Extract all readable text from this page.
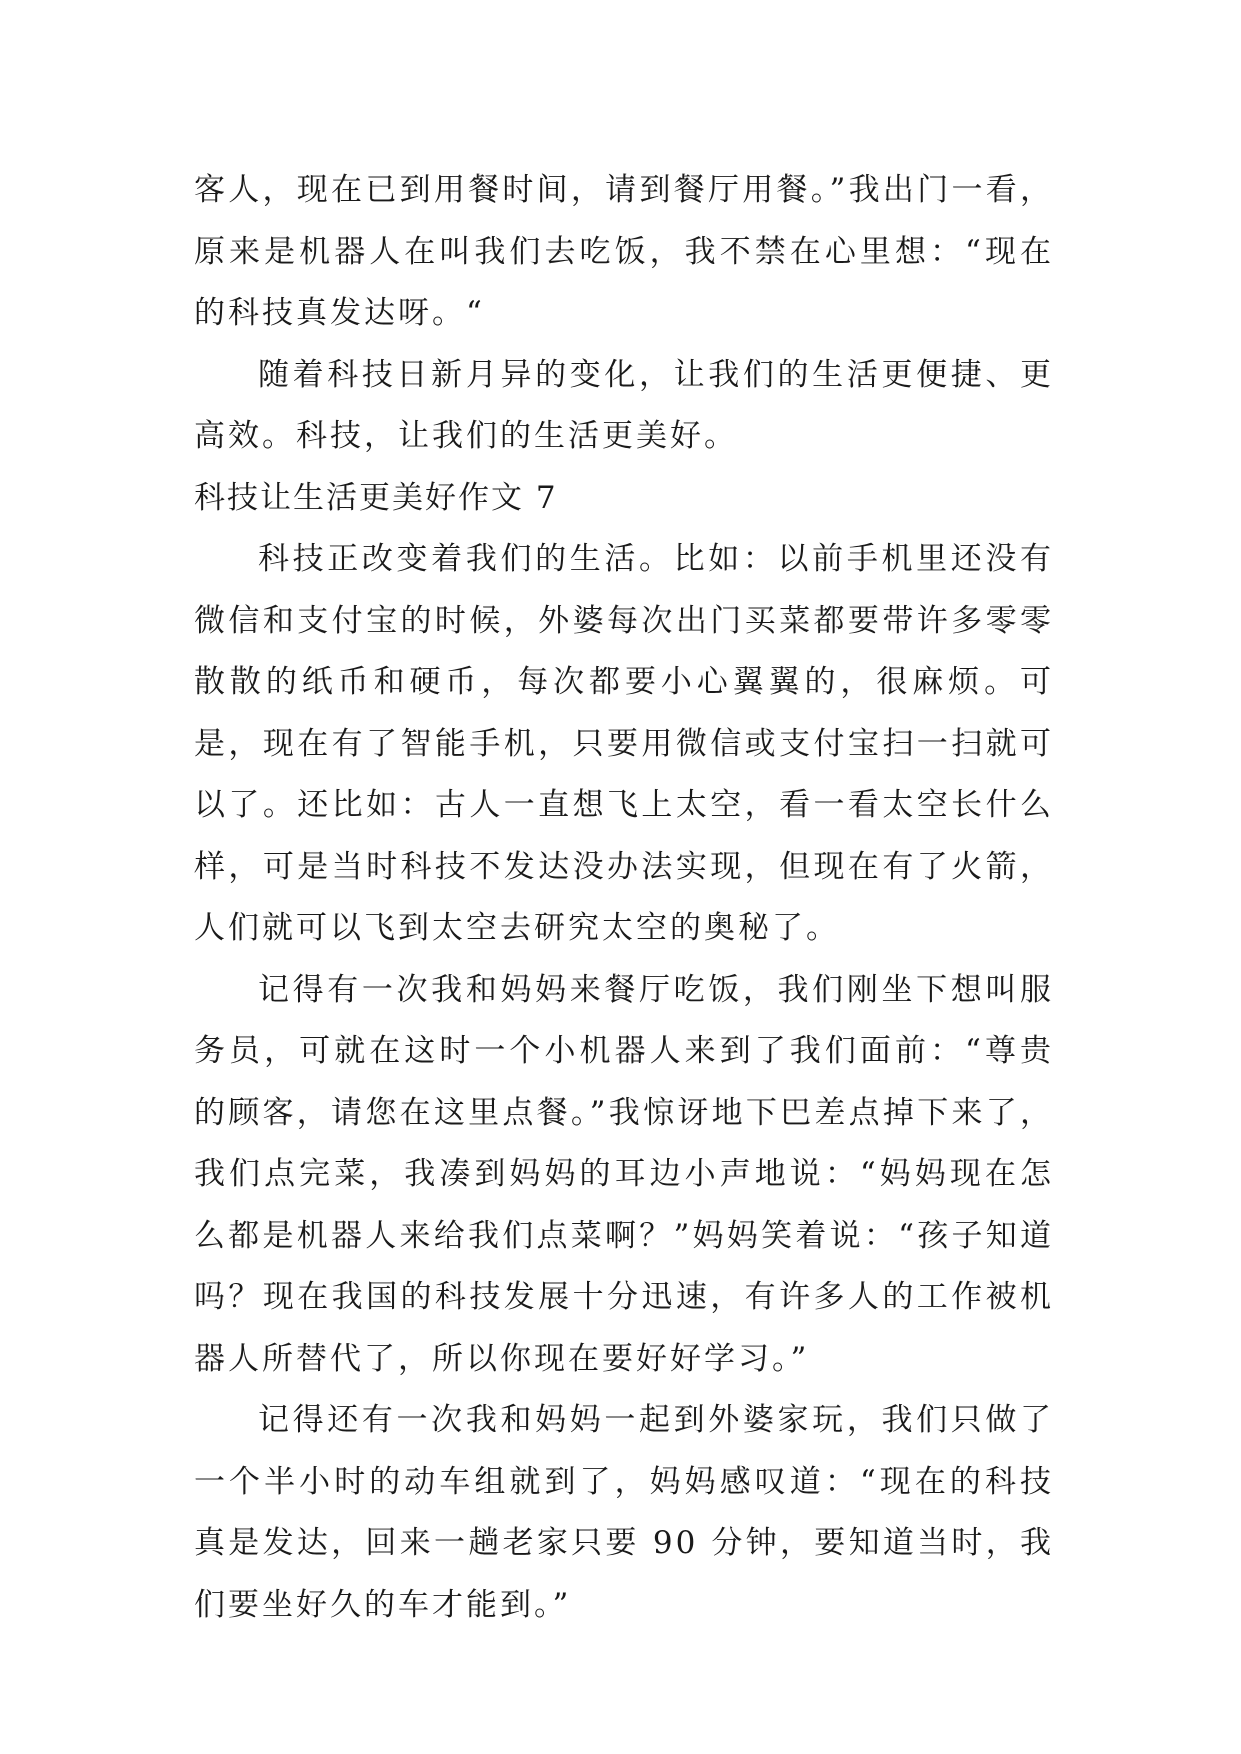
客人，现在已到用餐时间，请到餐厅用餐。”我出门一看，原来是机器人在叫我们去吃饭，我不禁在心里想：“现在的科技真发达呀。“

随着科技日新月异的变化，让我们的生活更便捷、更高效。科技，让我们的生活更美好。

科技让生活更美好作文 7

科技正改变着我们的生活。比如：以前手机里还没有微信和支付宝的时候，外婆每次出门买菜都要带许多零零散散的纸币和硬币，每次都要小心翼翼的，很麻烦。可是，现在有了智能手机，只要用微信或支付宝扫一扫就可以了。还比如：古人一直想飞上太空，看一看太空长什么样，可是当时科技不发达没办法实现，但现在有了火箭，人们就可以飞到太空去研究太空的奥秘了。

记得有一次我和妈妈来餐厅吃饭，我们刚坐下想叫服务员，可就在这时一个小机器人来到了我们面前：“尊贵的顾客，请您在这里点餐。”我惊讶地下巴差点掉下来了，我们点完菜，我凑到妈妈的耳边小声地说：“妈妈现在怎么都是机器人来给我们点菜啊？”妈妈笑着说：“孩子知道吗？现在我国的科技发展十分迅速，有许多人的工作被机器人所替代了，所以你现在要好好学习。”

记得还有一次我和妈妈一起到外婆家玩，我们只做了一个半小时的动车组就到了，妈妈感叹道：“现在的科技真是发达，回来一趟老家只要 90 分钟，要知道当时，我们要坐好久的车才能到。”
